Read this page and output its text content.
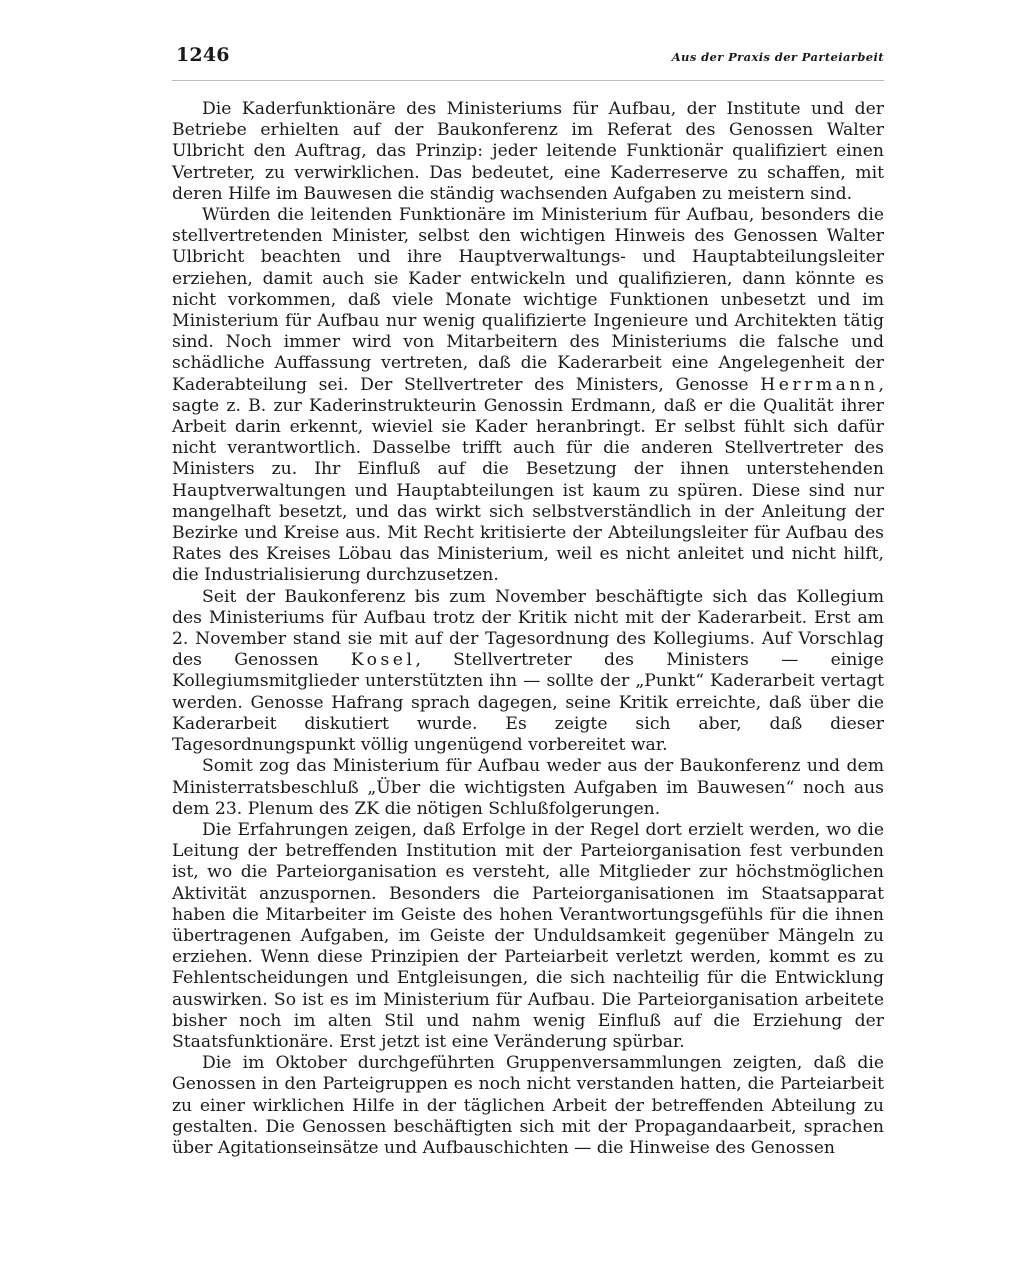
1246	Aus der Praxis der Parteiarbeit

Die Kaderfunktionäre des Ministeriums für Aufbau, der Institute und der Betriebe erhielten auf der Baukonferenz im Referat des Genossen Walter Ulbricht den Auftrag, das Prinzip: jeder leitende Funktionär qualifiziert einen Vertreter, zu verwirklichen. Das bedeutet, eine Kaderreserve zu schaffen, mit deren Hilfe im Bauwesen die ständig wachsenden Aufgaben zu meistern sind.

Würden die leitenden Funktionäre im Ministerium für Aufbau, besonders die stellvertretenden Minister, selbst den wichtigen Hinweis des Genossen Walter Ulbricht beachten und ihre Hauptverwaltungs- und Hauptabteilungsleiter erziehen, damit auch sie Kader entwickeln und qualifizieren, dann könnte es nicht vorkommen, daß viele Monate wichtige Funktionen unbesetzt und im Ministerium für Aufbau nur wenig qualifizierte Ingenieure und Architekten tätig sind. Noch immer wird von Mitarbeitern des Ministeriums die falsche und schädliche Auffassung vertreten, daß die Kaderarbeit eine Angelegenheit der Kaderabteilung sei. Der Stellvertreter des Ministers, Genosse Herrmann, sagte z. B. zur Kaderinstrukteurin Genossin Erdmann, daß er die Qualität ihrer Arbeit darin erkennt, wieviel sie Kader heranbringt. Er selbst fühlt sich dafür nicht verantwortlich. Dasselbe trifft auch für die anderen Stellvertreter des Ministers zu. Ihr Einfluß auf die Besetzung der ihnen unterstehenden Hauptverwaltungen und Hauptabteilungen ist kaum zu spüren. Diese sind nur mangelhaft besetzt, und das wirkt sich selbstverständlich in der Anleitung der Bezirke und Kreise aus. Mit Recht kritisierte der Abteilungsleiter für Aufbau des Rates des Kreises Löbau das Ministerium, weil es nicht anleitet und nicht hilft, die Industrialisierung durchzusetzen.

Seit der Baukonferenz bis zum November beschäftigte sich das Kollegium des Ministeriums für Aufbau trotz der Kritik nicht mit der Kaderarbeit. Erst am 2. November stand sie mit auf der Tagesordnung des Kollegiums. Auf Vorschlag des Genossen Kosel, Stellvertreter des Ministers — einige Kollegiumsmitglieder unterstützten ihn — sollte der „Punkt“ Kaderarbeit vertagt werden. Genosse Hafrang sprach dagegen, seine Kritik erreichte, daß über die Kaderarbeit diskutiert wurde. Es zeigte sich aber, daß dieser Tagesordnungspunkt völlig ungenügend vorbereitet war.

Somit zog das Ministerium für Aufbau weder aus der Baukonferenz und dem Ministerratsbeschluß „Über die wichtigsten Aufgaben im Bauwesen“ noch aus dem 23. Plenum des ZK die nötigen Schlußfolgerungen.

Die Erfahrungen zeigen, daß Erfolge in der Regel dort erzielt werden, wo die Leitung der betreffenden Institution mit der Parteiorganisation fest verbunden ist, wo die Parteiorganisation es versteht, alle Mitglieder zur höchstmöglichen Aktivität anzuspornen. Besonders die Parteiorganisationen im Staatsapparat haben die Mitarbeiter im Geiste des hohen Verantwortungsgefühls für die ihnen übertragenen Aufgaben, im Geiste der Unduldsamkeit gegenüber Mängeln zu erziehen. Wenn diese Prinzipien der Parteiarbeit verletzt werden, kommt es zu Fehlentscheidungen und Entgleisungen, die sich nachteilig für die Entwicklung auswirken. So ist es im Ministerium für Aufbau. Die Parteiorganisation arbeitete bisher noch im alten Stil und nahm wenig Einfluß auf die Erziehung der Staatsfunktionäre. Erst jetzt ist eine Veränderung spürbar.

Die im Oktober durchgeführten Gruppenversammlungen zeigten, daß die Genossen in den Parteigruppen es noch nicht verstanden hatten, die Parteiarbeit zu einer wirklichen Hilfe in der täglichen Arbeit der betreffenden Abteilung zu gestalten. Die Genossen beschäftigten sich mit der Propagandaarbeit, sprachen über Agitationseinsätze und Aufbauschichten — die Hinweise des Genossen
